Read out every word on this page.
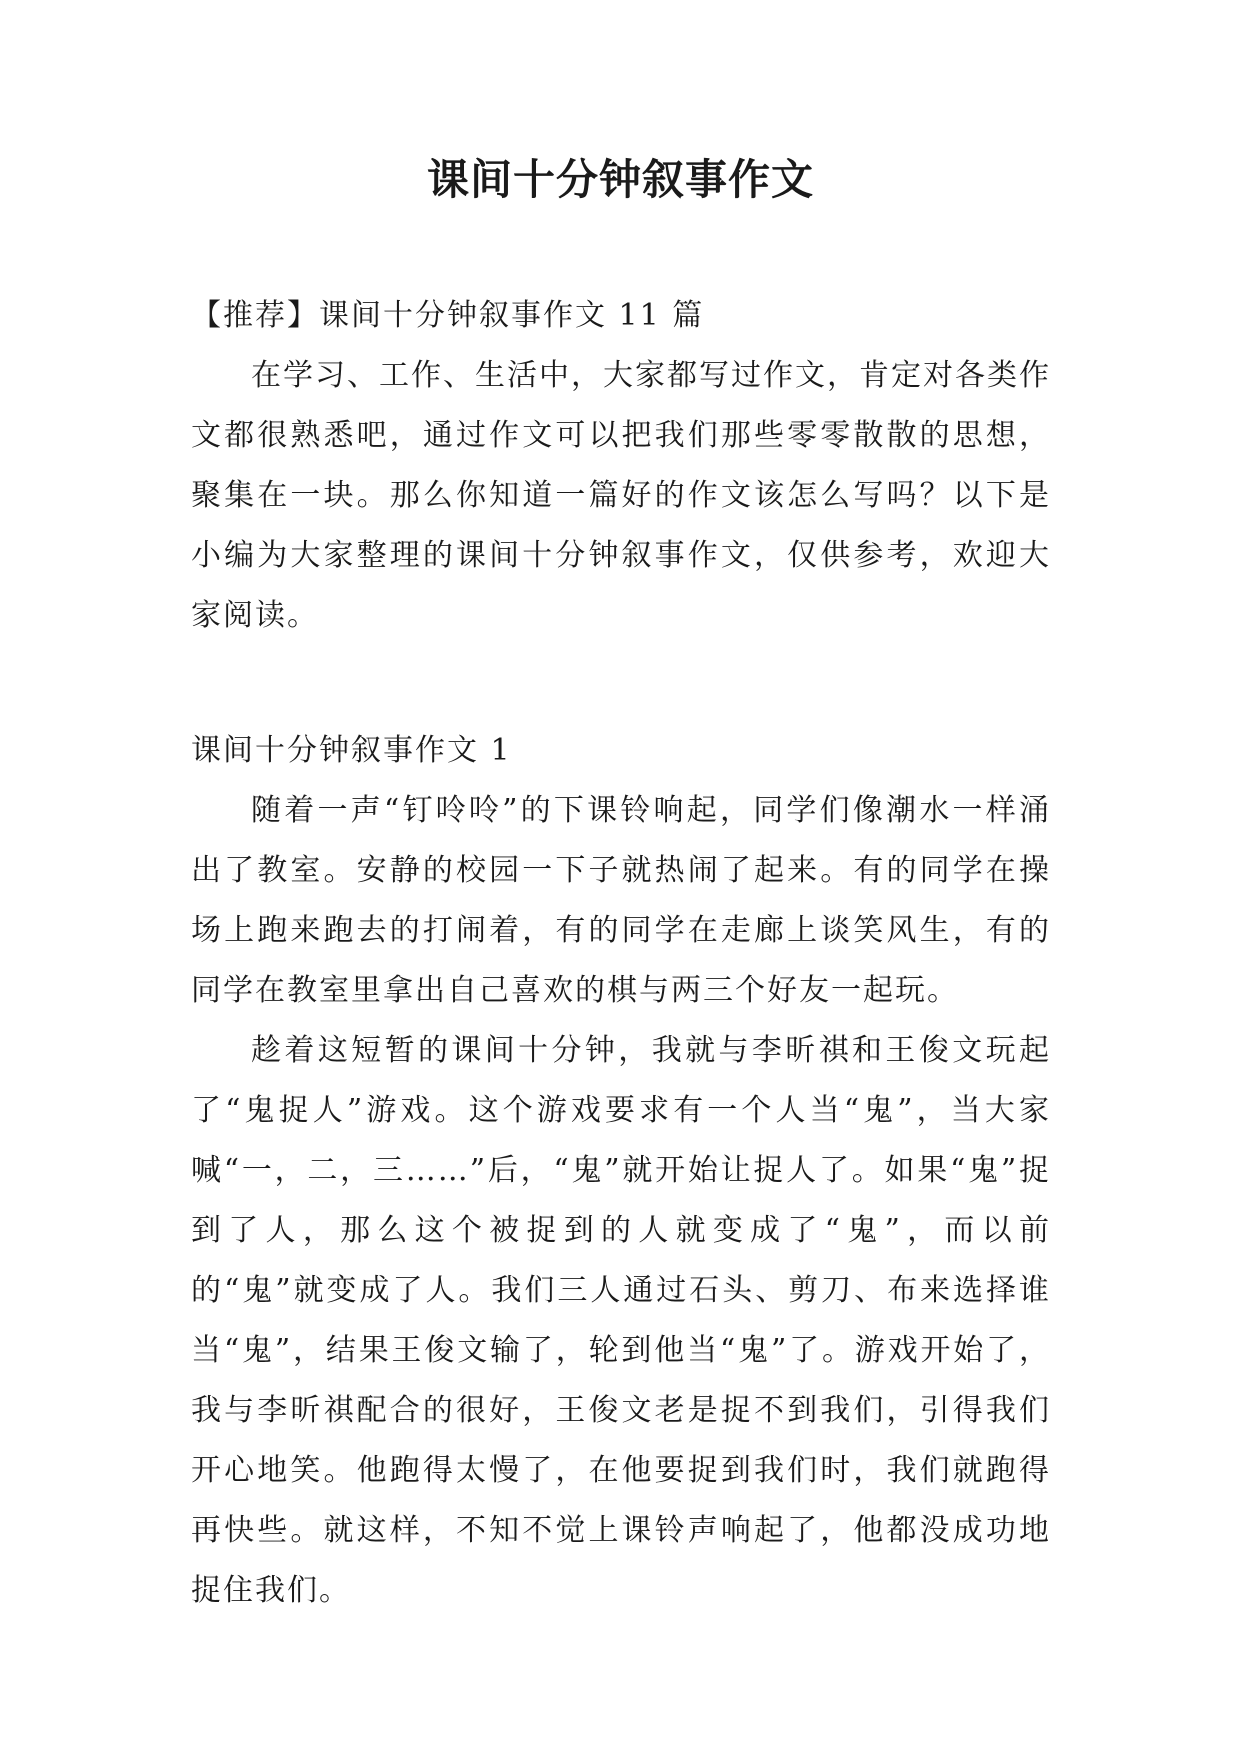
课间十分钟叙事作文

【推荐】课间十分钟叙事作文 11 篇

在学习、工作、生活中，大家都写过作文，肯定对各类作文都很熟悉吧，通过作文可以把我们那些零零散散的思想，聚集在一块。那么你知道一篇好的作文该怎么写吗？以下是小编为大家整理的课间十分钟叙事作文，仅供参考，欢迎大家阅读。

课间十分钟叙事作文 1

随着一声“钉呤呤”的下课铃响起，同学们像潮水一样涌出了教室。安静的校园一下子就热闹了起来。有的同学在操场上跑来跑去的打闹着，有的同学在走廊上谈笑风生，有的同学在教室里拿出自己喜欢的棋与两三个好友一起玩。

趁着这短暂的课间十分钟，我就与李昕祺和王俊文玩起了“鬼捉人”游戏。这个游戏要求有一个人当“鬼”，当大家喊“一，二，三……”后，“鬼”就开始让捉人了。如果“鬼”捉到了人，那么这个被捉到的人就变成了“鬼”，而以前的“鬼”就变成了人。我们三人通过石头、剪刀、布来选择谁当“鬼”，结果王俊文输了，轮到他当“鬼”了。游戏开始了，我与李昕祺配合的很好，王俊文老是捉不到我们，引得我们开心地笑。他跑得太慢了，在他要捉到我们时，我们就跑得再快些。就这样，不知不觉上课铃声响起了，他都没成功地捉住我们。
